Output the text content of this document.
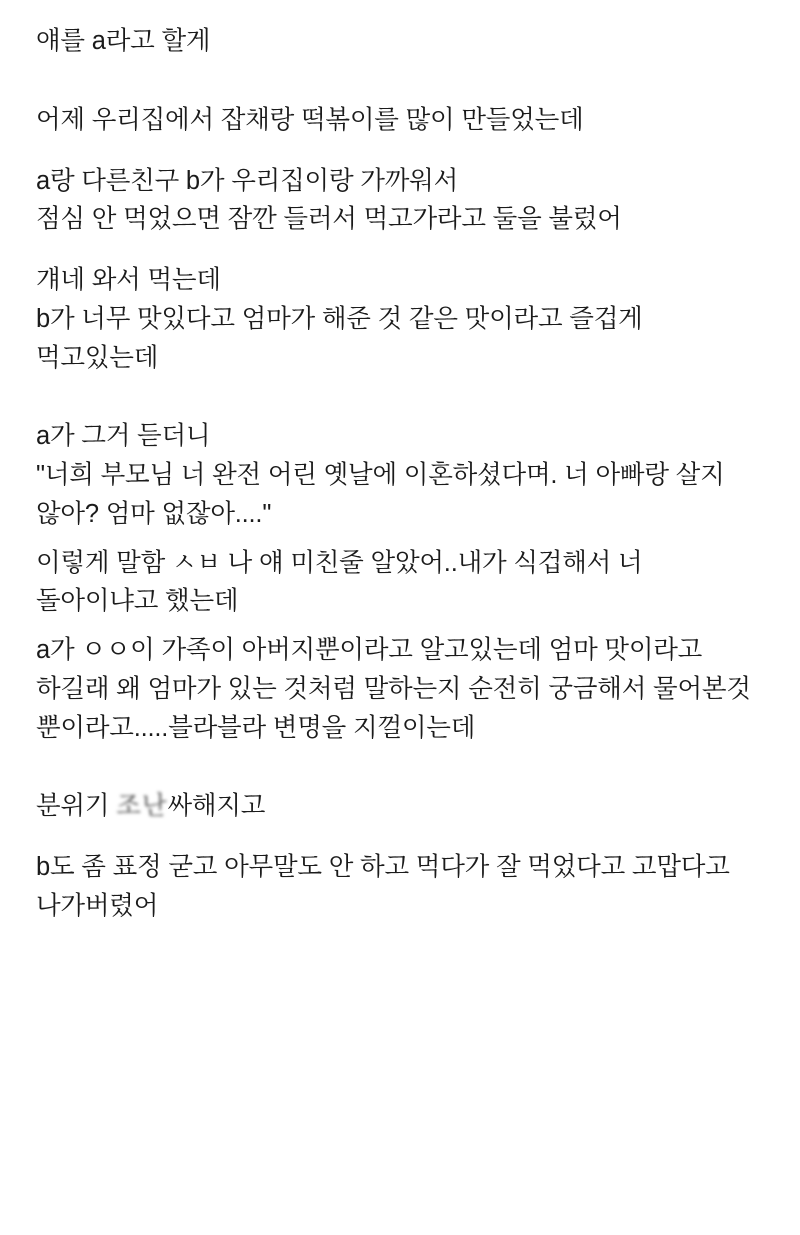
얘를 a라고 할게

어제 우리집에서 잡채랑 떡볶이를 많이 만들었는데

a랑 다른친구 b가 우리집이랑 가까워서

점심 안 먹었으면 잠깐 들러서 먹고가라고 둘을 불렀어

걔네 와서 먹는데

b가 너무 맛있다고 엄마가 해준 것 같은 맛이라고 즐겁게 먹고있는데

a가 그거 듣더니

"너희 부모님 너 완전 어린 옛날에 이혼하셨다며. 너 아빠랑 살지 않아? 엄마 없잖아...."

이렇게 말함 ㅅㅂ 나 얘 미친줄 알았어..내가 식겁해서 너 돌아이냐고 했는데

a가 ㅇㅇ이 가족이 아버지뿐이라고 알고있는데 엄마 맛이라고 하길래 왜 엄마가 있는 것처럼 말하는지 순전히 궁금해서 물어본것 뿐이라고.....블라블라 변명을 지껄이는데

분위기 조난싸해지고

b도 좀 표정 굳고 아무말도 안 하고 먹다가 잘 먹었다고 고맙다고 나가버렸어
